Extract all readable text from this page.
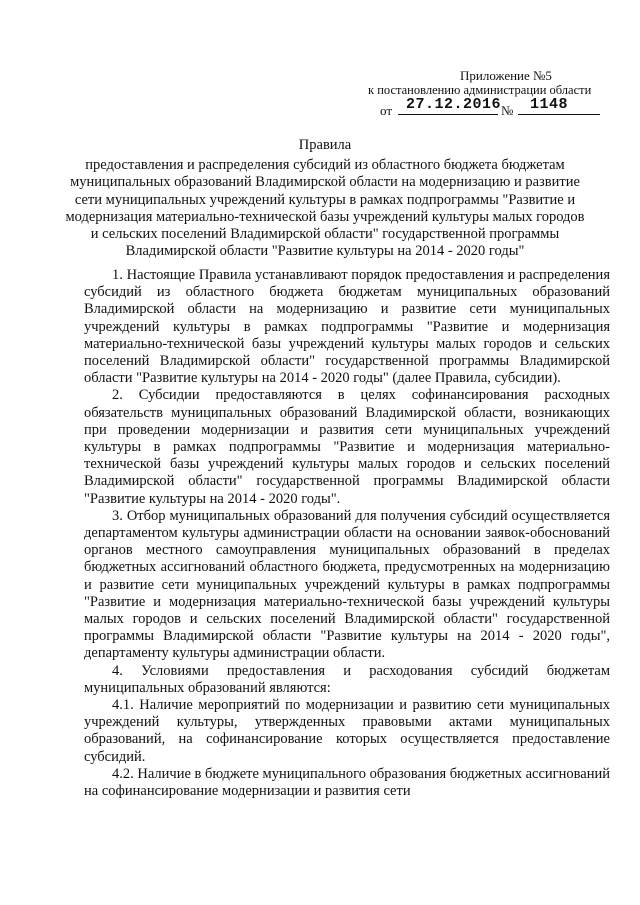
Приложение №5
к постановлению администрации области
от 27.12.2016 № 1148
Правила
предоставления и распределения субсидий из областного бюджета бюджетам муниципальных образований Владимирской области на модернизацию и развитие сети муниципальных учреждений культуры в рамках подпрограммы "Развитие и модернизация материально-технической базы учреждений культуры малых городов и сельских поселений Владимирской области" государственной программы Владимирской области "Развитие культуры на 2014 - 2020 годы"

1. Настоящие Правила устанавливают порядок предоставления и распределения субсидий из областного бюджета бюджетам муниципальных образований Владимирской области на модернизацию и развитие сети муниципальных учреждений культуры в рамках подпрограммы "Развитие и модернизация материально-технической базы учреждений культуры малых городов и сельских поселений Владимирской области" государственной программы Владимирской области "Развитие культуры на 2014 - 2020 годы" (далее Правила, субсидии).

2. Субсидии предоставляются в целях софинансирования расходных обязательств муниципальных образований Владимирской области, возникающих при проведении модернизации и развития сети муниципальных учреждений культуры в рамках подпрограммы "Развитие и модернизация материально-технической базы учреждений культуры малых городов и сельских поселений Владимирской области" государственной программы Владимирской области "Развитие культуры на 2014 - 2020 годы".

3. Отбор муниципальных образований для получения субсидий осуществляется департаментом культуры администрации области на основании заявок-обоснований органов местного самоуправления муниципальных образований в пределах бюджетных ассигнований областного бюджета, предусмотренных на модернизацию и развитие сети муниципальных учреждений культуры в рамках подпрограммы "Развитие и модернизация материально-технической базы учреждений культуры малых городов и сельских поселений Владимирской области" государственной программы Владимирской области "Развитие культуры на 2014 - 2020 годы", департаменту культуры администрации области.

4. Условиями предоставления и расходования субсидий бюджетам муниципальных образований являются:

4.1. Наличие мероприятий по модернизации и развитию сети муниципальных учреждений культуры, утвержденных правовыми актами муниципальных образований, на софинансирование которых осуществляется предоставление субсидий.

4.2. Наличие в бюджете муниципального образования бюджетных ассигнований на софинансирование модернизации и развития сети
